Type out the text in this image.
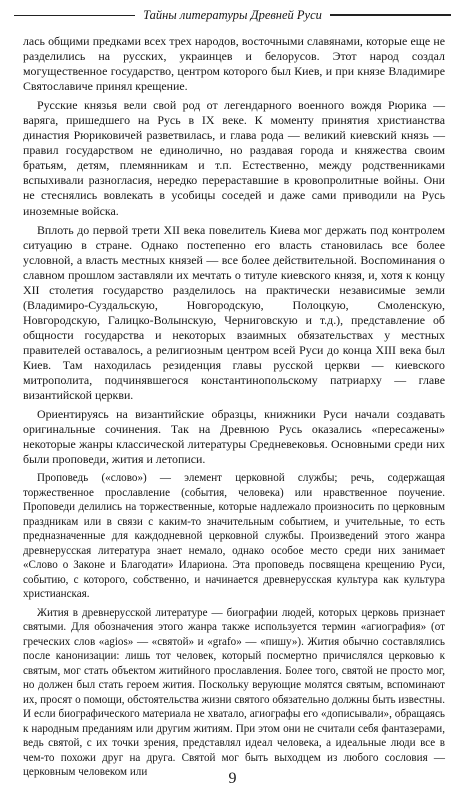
Тайны литературы Древней Руси

лась общими предками всех трех народов, восточными славянами, которые еще не разделились на русских, украинцев и белорусов. Этот народ создал могущественное государство, центром которого был Киев, и при князе Владимире Святославиче принял крещение.

Русские князья вели свой род от легендарного военного вождя Рюрика — варяга, пришедшего на Русь в IX веке. К моменту принятия христианства династия Рюриковичей разветвилась, и глава рода — великий киевский князь — правил государством не единолично, но раздавая города и княжества своим братьям, детям, племянникам и т.п. Естественно, между родственниками вспыхивали разногласия, нередко перераставшие в кровопролитные войны. Они не стеснялись вовлекать в усобицы соседей и даже сами приводили на Русь иноземные войска.

Вплоть до первой трети XII века повелитель Киева мог держать под контролем ситуацию в стране. Однако постепенно его власть становилась все более условной, а власть местных князей — все более действительной. Воспоминания о славном прошлом заставляли их мечтать о титуле киевского князя, и, хотя к концу XII столетия государство разделилось на практически независимые земли (Владимиро-Суздальскую, Новгородскую, Полоцкую, Смоленскую, Новгородскую, Галицко-Волынскую, Черниговскую и т.д.), представление об общности государства и некоторых взаимных обязательствах у местных правителей оставалось, а религиозным центром всей Руси до конца XIII века был Киев. Там находилась резиденция главы русской церкви — киевского митрополита, подчинявшегося константинопольскому патриарху — главе византийской церкви.

Ориентируясь на византийские образцы, книжники Руси начали создавать оригинальные сочинения. Так на Древнюю Русь оказались «пересажены» некоторые жанры классической литературы Средневековья. Основными среди них были проповеди, жития и летописи.

Проповедь («слово») — элемент церковной службы; речь, содержащая торжественное прославление (события, человека) или нравственное поучение. Проповеди делились на торжественные, которые надлежало произносить по церковным праздникам или в связи с каким-то значительным событием, и учительные, то есть предназначенные для каждодневной церковной службы. Произведений этого жанра древнерусская литература знает немало, однако особое место среди них занимает «Слово о Законе и Благодати» Илариона. Эта проповедь посвящена крещению Руси, событию, с которого, собственно, и начинается древнерусская культура как культура христианская.

Жития в древнерусской литературе — биографии людей, которых церковь признает святыми. Для обозначения этого жанра также используется термин «агиография» (от греческих слов «agios» — «святой» и «grafo» — «пишу»). Жития обычно составлялись после канонизации: лишь тот человек, который посмертно причислялся церковью к святым, мог стать объектом житийного прославления. Более того, святой не просто мог, но должен был стать героем жития. Поскольку верующие молятся святым, вспоминают их, просят о помощи, обстоятельства жизни святого обязательно должны быть известны. И если биографического материала не хватало, агиографы его «дописывали», обращаясь к народным преданиям или другим житиям. При этом они не считали себя фантазерами, ведь святой, с их точки зрения, представлял идеал человека, а идеальные люди все в чем-то похожи друг на друга. Святой мог быть выходцем из любого сословия — церковным человеком или	9
